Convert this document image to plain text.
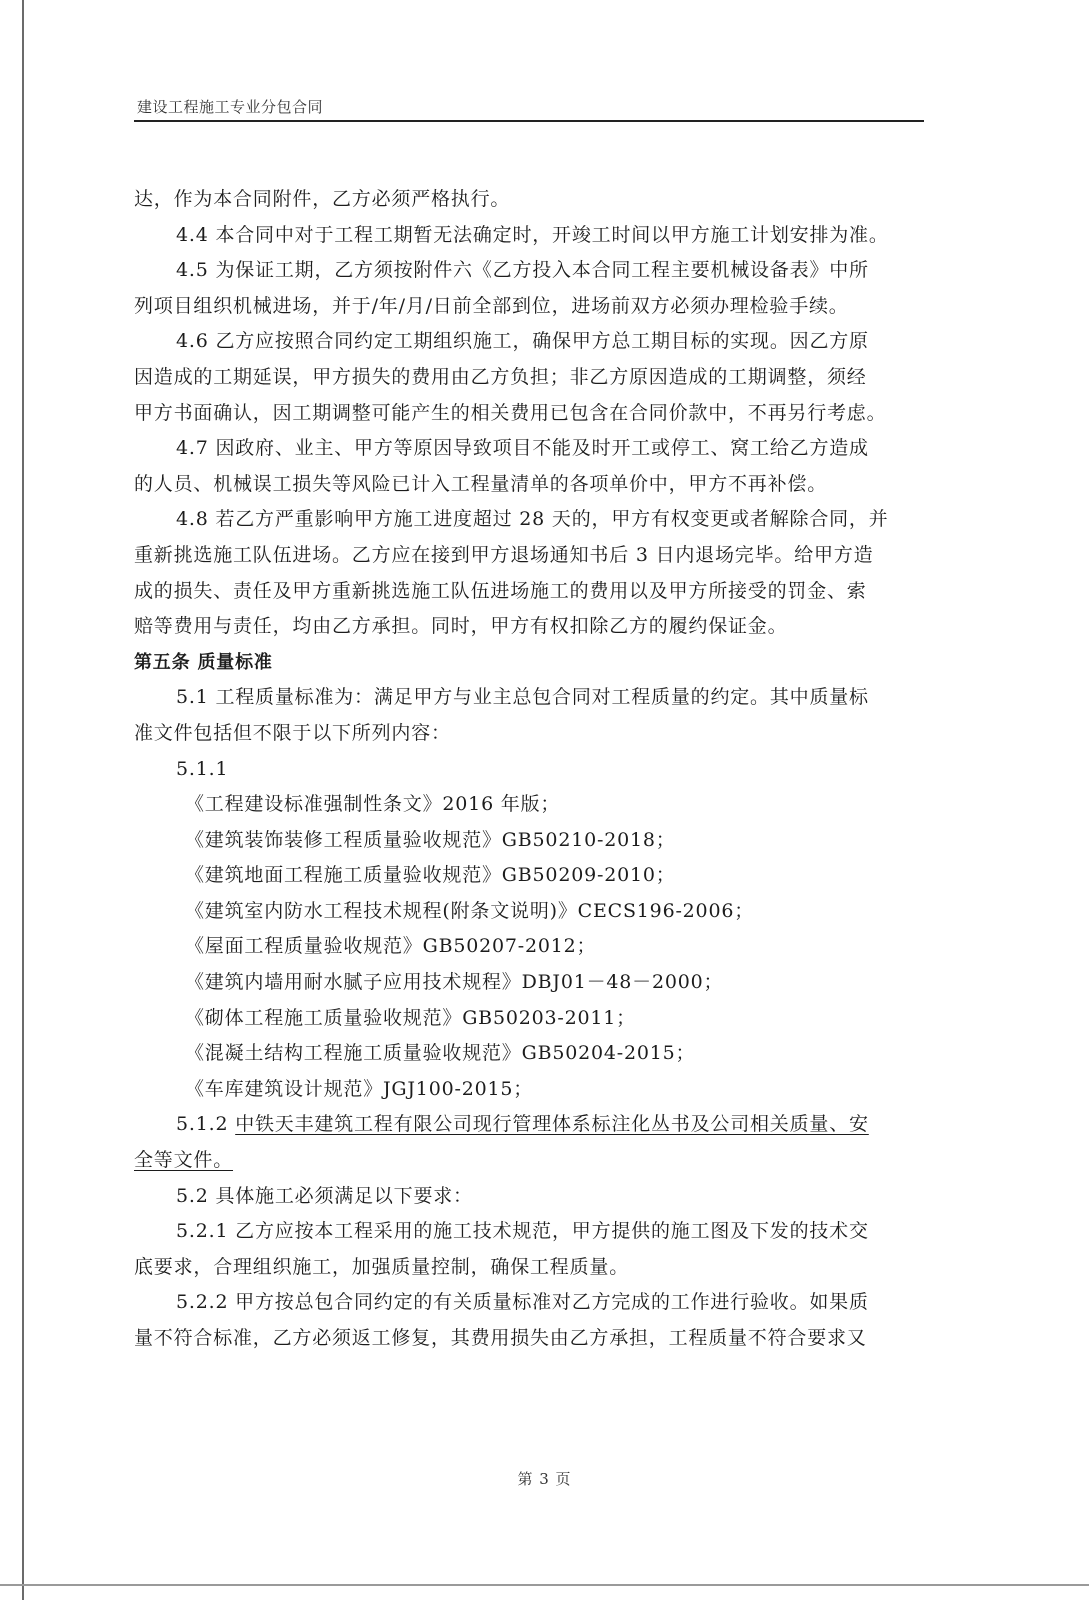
建设工程施工专业分包合同
达，作为本合同附件，乙方必须严格执行。
4.4 本合同中对于工程工期暂无法确定时，开竣工时间以甲方施工计划安排为准。
4.5 为保证工期，乙方须按附件六《乙方投入本合同工程主要机械设备表》中所
列项目组织机械进场，并于/年/月/日前全部到位，进场前双方必须办理检验手续。
4.6 乙方应按照合同约定工期组织施工，确保甲方总工期目标的实现。因乙方原
因造成的工期延误，甲方损失的费用由乙方负担；非乙方原因造成的工期调整，须经
甲方书面确认，因工期调整可能产生的相关费用已包含在合同价款中，不再另行考虑。
4.7 因政府、业主、甲方等原因导致项目不能及时开工或停工、窝工给乙方造成
的人员、机械误工损失等风险已计入工程量清单的各项单价中，甲方不再补偿。
4.8 若乙方严重影响甲方施工进度超过 28 天的，甲方有权变更或者解除合同，并
重新挑选施工队伍进场。乙方应在接到甲方退场通知书后 3 日内退场完毕。给甲方造
成的损失、责任及甲方重新挑选施工队伍进场施工的费用以及甲方所接受的罚金、索
赔等费用与责任，均由乙方承担。同时，甲方有权扣除乙方的履约保证金。
第五条 质量标准
5.1 工程质量标准为：满足甲方与业主总包合同对工程质量的约定。其中质量标
准文件包括但不限于以下所列内容：
5.1.1
《工程建设标准强制性条文》2016 年版；
《建筑装饰装修工程质量验收规范》GB50210-2018；
《建筑地面工程施工质量验收规范》GB50209-2010；
《建筑室内防水工程技术规程(附条文说明)》CECS196-2006；
《屋面工程质量验收规范》GB50207-2012；
《建筑内墙用耐水腻子应用技术规程》DBJ01－48－2000；
《砌体工程施工质量验收规范》GB50203-2011；
《混凝土结构工程施工质量验收规范》GB50204-2015；
《车库建筑设计规范》JGJ100-2015；
5.1.2 中铁天丰建筑工程有限公司现行管理体系标注化丛书及公司相关质量、安
全等文件。
5.2 具体施工必须满足以下要求：
5.2.1 乙方应按本工程采用的施工技术规范，甲方提供的施工图及下发的技术交
底要求，合理组织施工，加强质量控制，确保工程质量。
5.2.2 甲方按总包合同约定的有关质量标准对乙方完成的工作进行验收。如果质
量不符合标准，乙方必须返工修复，其费用损失由乙方承担，工程质量不符合要求又
第 3 页
